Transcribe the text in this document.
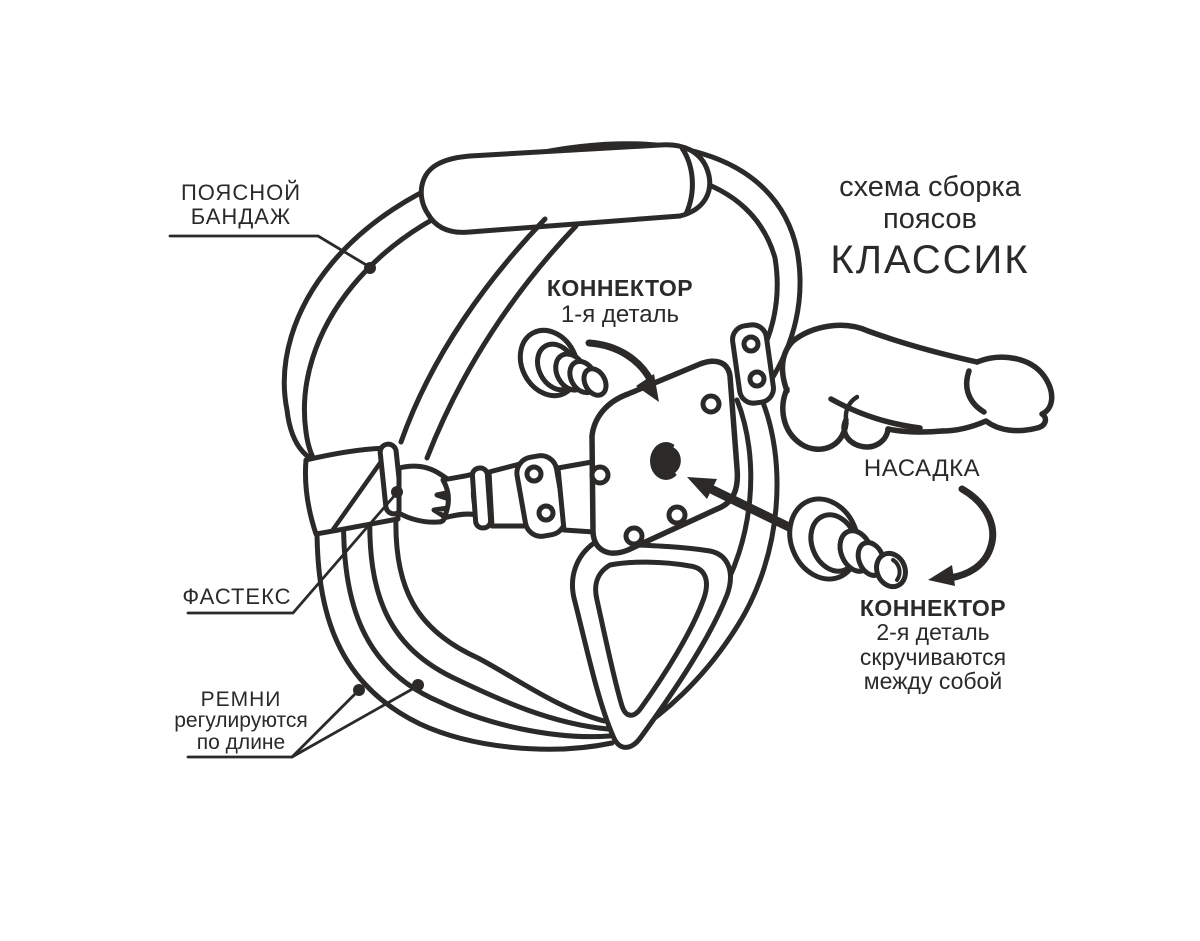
ПОЯСНОЙ
БАНДАЖ
схема сборка
поясов
КЛАССИК
КОННЕКТОР
1-я деталь
НАСАДКА
ФАСТЕКС	КОННЕКТОР
2-я деталь
скручиваются
между собой
РЕМНИ
регулируются
по длине
